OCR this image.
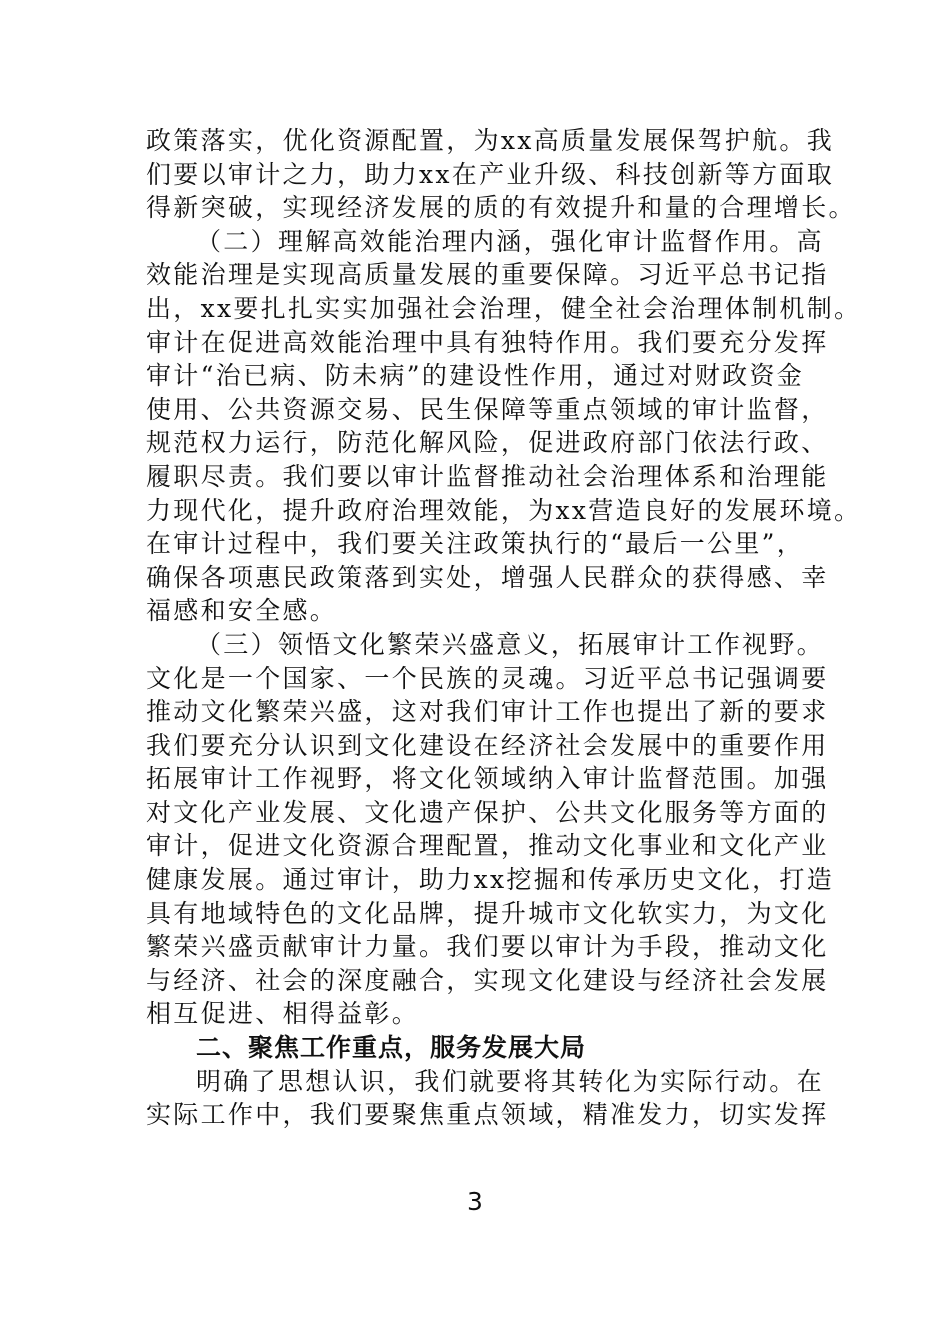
政策落实，优化资源配置，为xx高质量发展保驾护航。我
们要以审计之力，助力xx在产业升级、科技创新等方面取
得新突破，实现经济发展的质的有效提升和量的合理增长。
（二）理解高效能治理内涵，强化审计监督作用。高
效能治理是实现高质量发展的重要保障。习近平总书记指
出，xx要扎扎实实加强社会治理，健全社会治理体制机制。
审计在促进高效能治理中具有独特作用。我们要充分发挥
审计“治已病、防未病”的建设性作用，通过对财政资金
使用、公共资源交易、民生保障等重点领域的审计监督，
规范权力运行，防范化解风险，促进政府部门依法行政、
履职尽责。我们要以审计监督推动社会治理体系和治理能
力现代化，提升政府治理效能，为xx营造良好的发展环境。
在审计过程中，我们要关注政策执行的“最后一公里”，
确保各项惠民政策落到实处，增强人民群众的获得感、幸
福感和安全感。
（三）领悟文化繁荣兴盛意义，拓展审计工作视野。
文化是一个国家、一个民族的灵魂。习近平总书记强调要
推动文化繁荣兴盛，这对我们审计工作也提出了新的要求
我们要充分认识到文化建设在经济社会发展中的重要作用
拓展审计工作视野，将文化领域纳入审计监督范围。加强
对文化产业发展、文化遗产保护、公共文化服务等方面的
审计，促进文化资源合理配置，推动文化事业和文化产业
健康发展。通过审计，助力xx挖掘和传承历史文化，打造
具有地域特色的文化品牌，提升城市文化软实力，为文化
繁荣兴盛贡献审计力量。我们要以审计为手段，推动文化
与经济、社会的深度融合，实现文化建设与经济社会发展
相互促进、相得益彰。
二、聚焦工作重点，服务发展大局
明确了思想认识，我们就要将其转化为实际行动。在
实际工作中，我们要聚焦重点领域，精准发力，切实发挥
3
